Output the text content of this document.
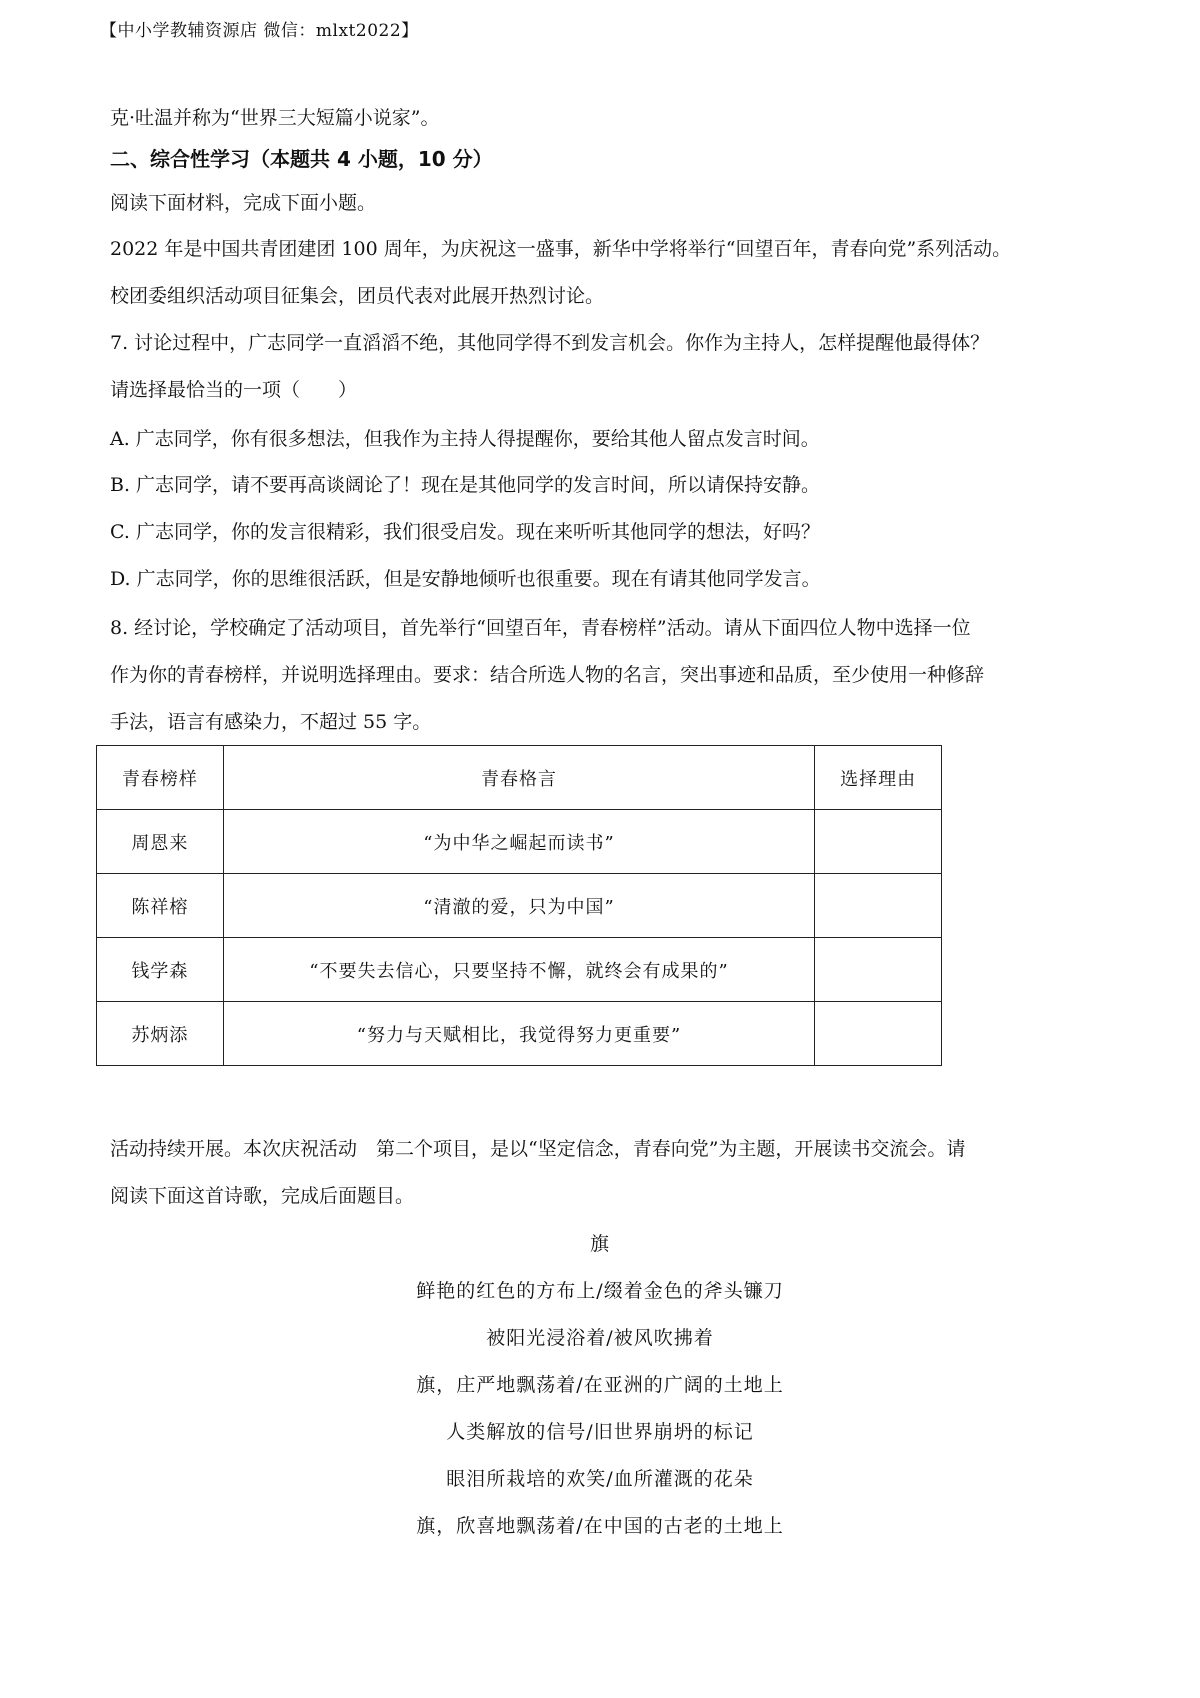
【中小学教辅资源店 微信：mlxt2022】
克·吐温并称为“世界三大短篇小说家”。
二、综合性学习（本题共 4 小题，10 分）
阅读下面材料，完成下面小题。
2022 年是中国共青团建团 100 周年，为庆祝这一盛事，新华中学将举行“回望百年，青春向党”系列活动。
校团委组织活动项目征集会，团员代表对此展开热烈讨论。
7. 讨论过程中，广志同学一直滔滔不绝，其他同学得不到发言机会。你作为主持人，怎样提醒他最得体？
请选择最恰当的一项（　　）
A. 广志同学，你有很多想法，但我作为主持人得提醒你，要给其他人留点发言时间。
B. 广志同学，请不要再高谈阔论了！现在是其他同学的发言时间，所以请保持安静。
C. 广志同学，你的发言很精彩，我们很受启发。现在来听听其他同学的想法，好吗？
D. 广志同学，你的思维很活跃，但是安静地倾听也很重要。现在有请其他同学发言。
8. 经讨论，学校确定了活动项目，首先举行“回望百年，青春榜样”活动。请从下面四位人物中选择一位
作为你的青春榜样，并说明选择理由。要求：结合所选人物的名言，突出事迹和品质，至少使用一种修辞
手法，语言有感染力，不超过 55 字。
青春榜样	青春格言	选择理由
周恩来	“为中华之崛起而读书”	
陈祥榕	“清澈的爱，只为中国”	
钱学森	“不要失去信心，只要坚持不懈，就终会有成果的”	
苏炳添	“努力与天赋相比，我觉得努力更重要”	
活动持续开展。本次庆祝活动　第二个项目，是以“坚定信念，青春向党”为主题，开展读书交流会。请
阅读下面这首诗歌，完成后面题目。
旗
鲜艳的红色的方布上/缀着金色的斧头镰刀
被阳光浸浴着/被风吹拂着
旗，庄严地飘荡着/在亚洲的广阔的土地上
人类解放的信号/旧世界崩坍的标记
眼泪所栽培的欢笑/血所灌溉的花朵
旗，欣喜地飘荡着/在中国的古老的土地上
